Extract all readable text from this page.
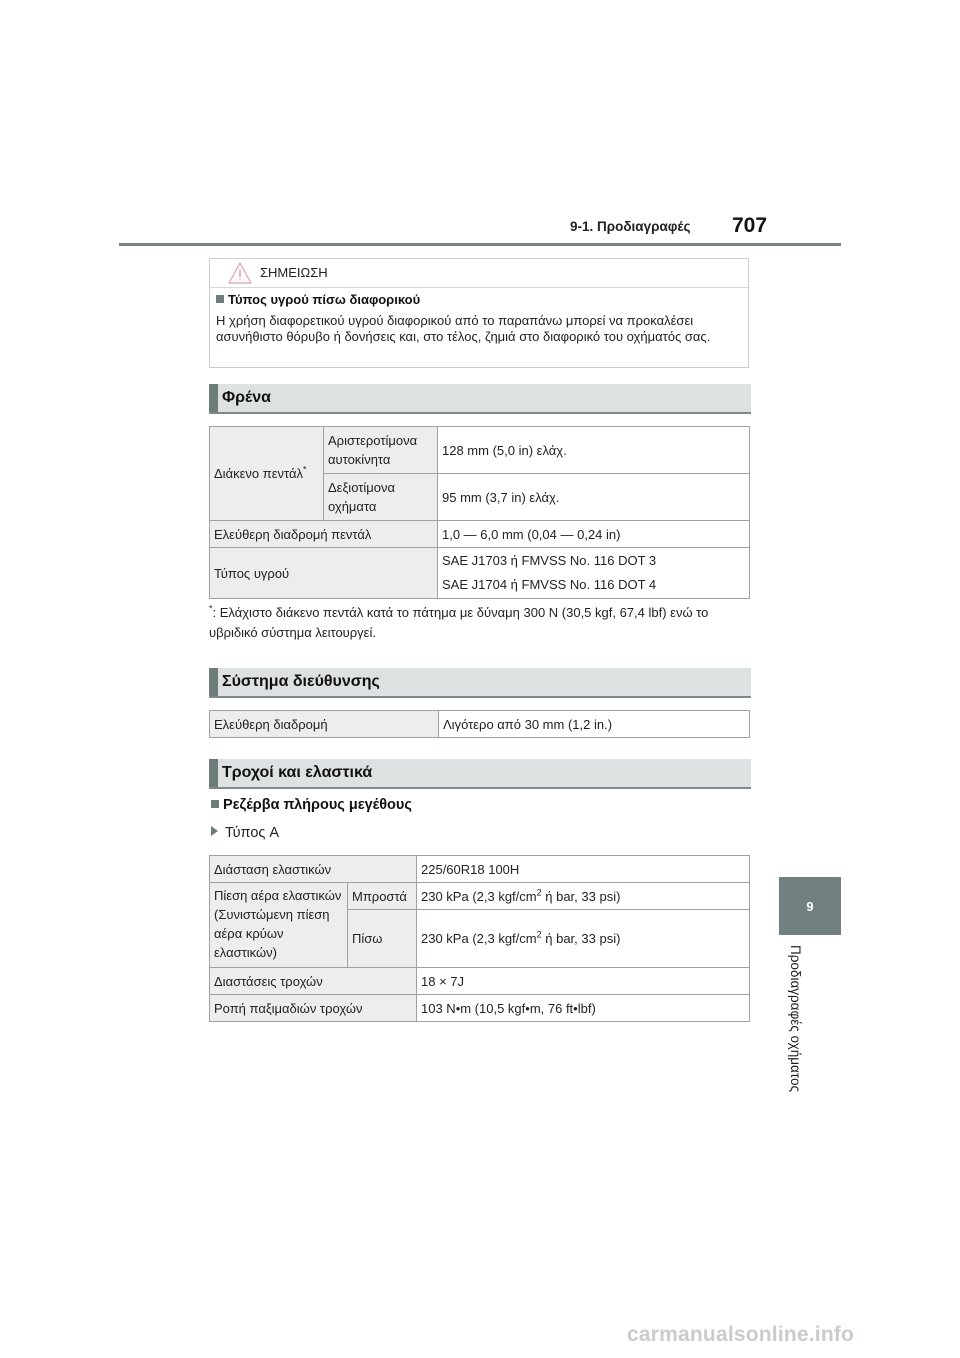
9-1. Προδιαγραφές 707
9
Προδιαγραφές οχήματος
ΣΗΜΕΙΩΣΗ
Τύπος υγρού πίσω διαφορικού
Η χρήση διαφορετικού υγρού διαφορικού από το παραπάνω μπορεί να προκαλέσει ασυνήθιστο θόρυβο ή δονήσεις και, στο τέλος, ζημιά στο διαφορικό του οχήματός σας.
Φρένα
Διάκενο πεντάλ*	Αριστεροτίμονα αυτοκίνητα	128 mm (5,0 in) ελάχ.
	Δεξιοτίμονα οχήματα	95 mm (3,7 in) ελάχ.
Ελεύθερη διαδρομή πεντάλ		1,0 — 6,0 mm (0,04 — 0,24 in)
Τύπος υγρού		SAE J1703 ή FMVSS No. 116 DOT 3
SAE J1704 ή FMVSS No. 116 DOT 4
*: Ελάχιστο διάκενο πεντάλ κατά το πάτημα με δύναμη 300 N (30,5 kgf, 67,4 lbf) ενώ το υβριδικό σύστημα λειτουργεί.
Σύστημα διεύθυνσης
Ελεύθερη διαδρομή	Λιγότερο από 30 mm (1,2 in.)
Τροχοί και ελαστικά
Ρεζέρβα πλήρους μεγέθους
Τύπος A
Διάσταση ελαστικών		225/60R18 100H
Πίεση αέρα ελαστικών (Συνιστώμενη πίεση αέρα κρύων ελαστικών)	Μπροστά	230 kPa (2,3 kgf/$cm^2$ ή bar, 33 psi)
	Πίσω	230 kPa (2,3 kgf/$cm^2$ ή bar, 33 psi)
Διαστάσεις τροχών		18 × 7J
Ροπή παξιμαδιών τροχών		103 N•m (10,5 kgf•m, 76 ft•lbf)
carmanualsonline.info
